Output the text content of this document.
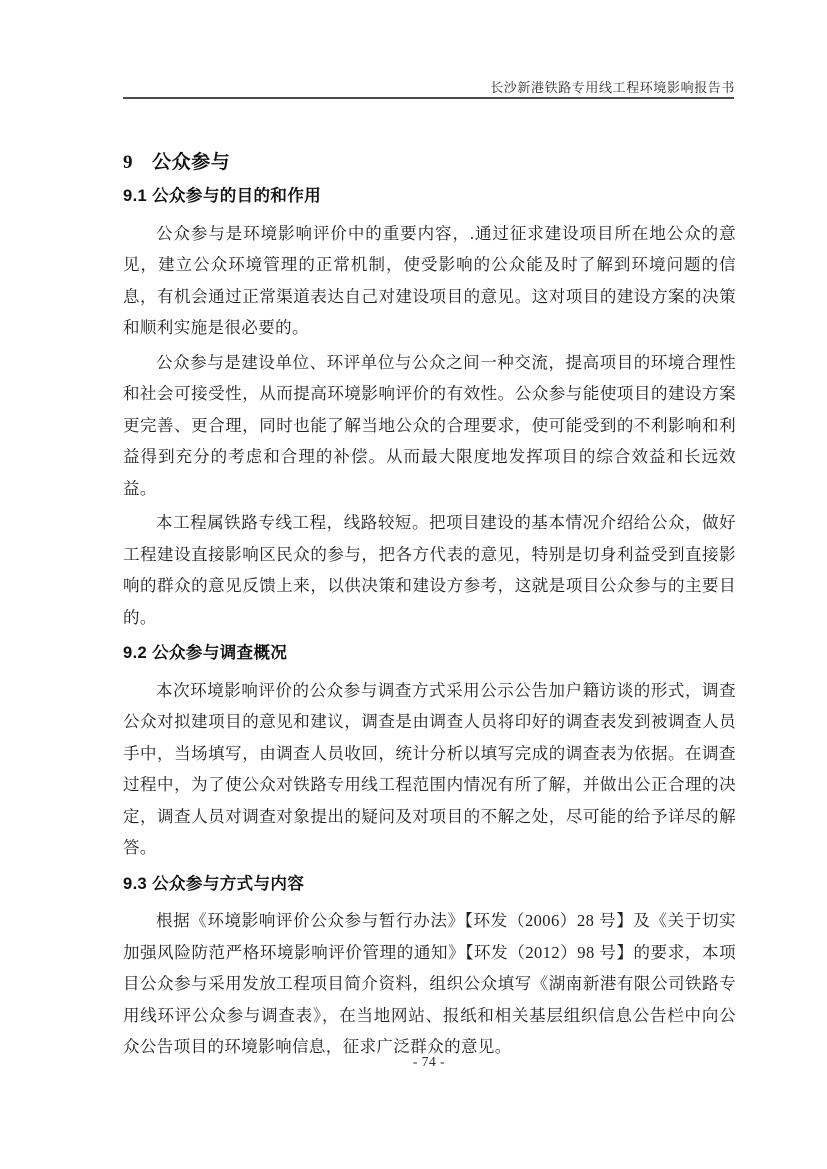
长沙新港铁路专用线工程环境影响报告书
9 公众参与
9.1 公众参与的目的和作用

公众参与是环境影响评价中的重要内容，.通过征求建设项目所在地公众的意见，建立公众环境管理的正常机制，使受影响的公众能及时了解到环境问题的信息，有机会通过正常渠道表达自己对建设项目的意见。这对项目的建设方案的决策和顺利实施是很必要的。

公众参与是建设单位、环评单位与公众之间一种交流，提高项目的环境合理性和社会可接受性，从而提高环境影响评价的有效性。公众参与能使项目的建设方案更完善、更合理，同时也能了解当地公众的合理要求，使可能受到的不利影响和利益得到充分的考虑和合理的补偿。从而最大限度地发挥项目的综合效益和长远效益。

本工程属铁路专线工程，线路较短。把项目建设的基本情况介绍给公众，做好工程建设直接影响区民众的参与，把各方代表的意见，特别是切身利益受到直接影响的群众的意见反馈上来，以供决策和建设方参考，这就是项目公众参与的主要目的。

9.2 公众参与调查概况

本次环境影响评价的公众参与调查方式采用公示公告加户籍访谈的形式，调查公众对拟建项目的意见和建议，调查是由调查人员将印好的调查表发到被调查人员手中，当场填写，由调查人员收回，统计分析以填写完成的调查表为依据。在调查过程中，为了使公众对铁路专用线工程范围内情况有所了解，并做出公正合理的决定，调查人员对调查对象提出的疑问及对项目的不解之处，尽可能的给予详尽的解答。

9.3 公众参与方式与内容

根据《环境影响评价公众参与暂行办法》【环发（2006）28 号】及《关于切实加强风险防范严格环境影响评价管理的通知》【环发（2012）98 号】的要求，本项目公众参与采用发放工程项目简介资料，组织公众填写《湖南新港有限公司铁路专用线环评公众参与调查表》，在当地网站、报纸和相关基层组织信息公告栏中向公众公告项目的环境影响信息，征求广泛群众的意见。

- 74 -
